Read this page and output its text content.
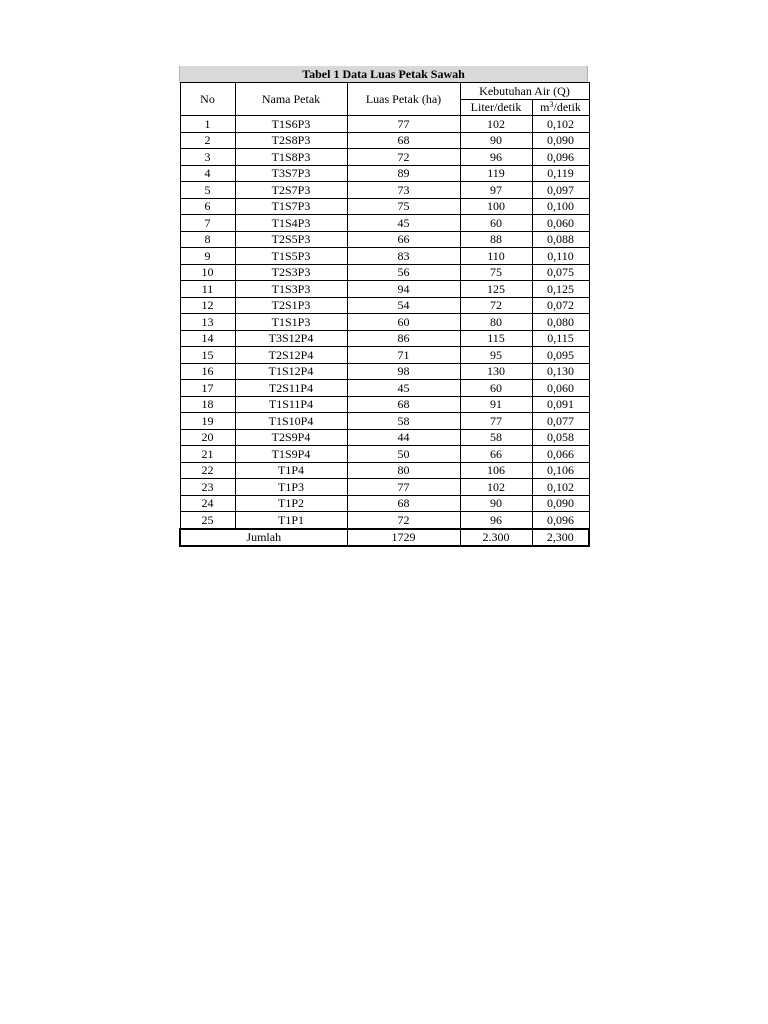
Tabel 1 Data Luas Petak Sawah
No	Nama Petak	Luas Petak (ha)	Kebutuhan Air (Q)	
			Liter/detik	$m^3$/detik
1	T1S6P3	77	102	0,102
2	T2S8P3	68	90	0,090
3	T1S8P3	72	96	0,096
4	T3S7P3	89	119	0,119
5	T2S7P3	73	97	0,097
6	T1S7P3	75	100	0,100
7	T1S4P3	45	60	0,060
8	T2S5P3	66	88	0,088
9	T1S5P3	83	110	0,110
10	T2S3P3	56	75	0,075
11	T1S3P3	94	125	0,125
12	T2S1P3	54	72	0,072
13	T1S1P3	60	80	0,080
14	T3S12P4	86	115	0,115
15	T2S12P4	71	95	0,095
16	T1S12P4	98	130	0,130
17	T2S11P4	45	60	0,060
18	T1S11P4	68	91	0,091
19	T1S10P4	58	77	0,077
20	T2S9P4	44	58	0,058
21	T1S9P4	50	66	0,066
22	T1P4	80	106	0,106
23	T1P3	77	102	0,102
24	T1P2	68	90	0,090
25	T1P1	72	96	0,096
Jumlah		1729	2.300	2,300
